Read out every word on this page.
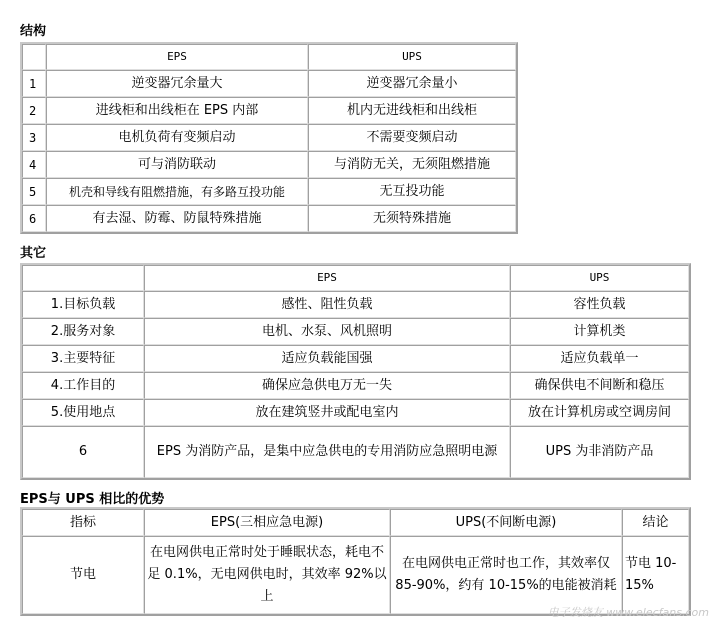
结构
	EPS	UPS
1	逆变器冗余量大	逆变器冗余量小
2	进线柜和出线柜在 EPS 内部	机内无进线柜和出线柜
3	电机负荷有变频启动	不需要变频启动
4	可与消防联动	与消防无关，无须阻燃措施
5	机壳和导线有阻燃措施，有多路互投功能	无互投功能
6	有去湿、防霉、防鼠特殊措施	无须特殊措施
其它
	EPS	UPS
1.目标负载	感性、阻性负载	容性负载
2.服务对象	电机、水泵、风机照明	计算机类
3.主要特征	适应负载能国强	适应负载单一
4.工作目的	确保应急供电万无一失	确保供电不间断和稳压
5.使用地点	放在建筑竖井或配电室内	放在计算机房或空调房间
6	EPS 为消防产品，是集中应急供电的专用消防应急照明电源	UPS 为非消防产品
EPS与 UPS 相比的优势
指标	EPS(三相应急电源)	UPS(不间断电源)	结论
节电	在电网供电正常时处于睡眠状态，耗电不足 0.1%，无电网供电时，其效率 92%以上	在电网供电正常时也工作，其效率仅 85-90%，约有 10-15%的电能被消耗	节电 10-15%
电子发烧友 www.elecfans.com
